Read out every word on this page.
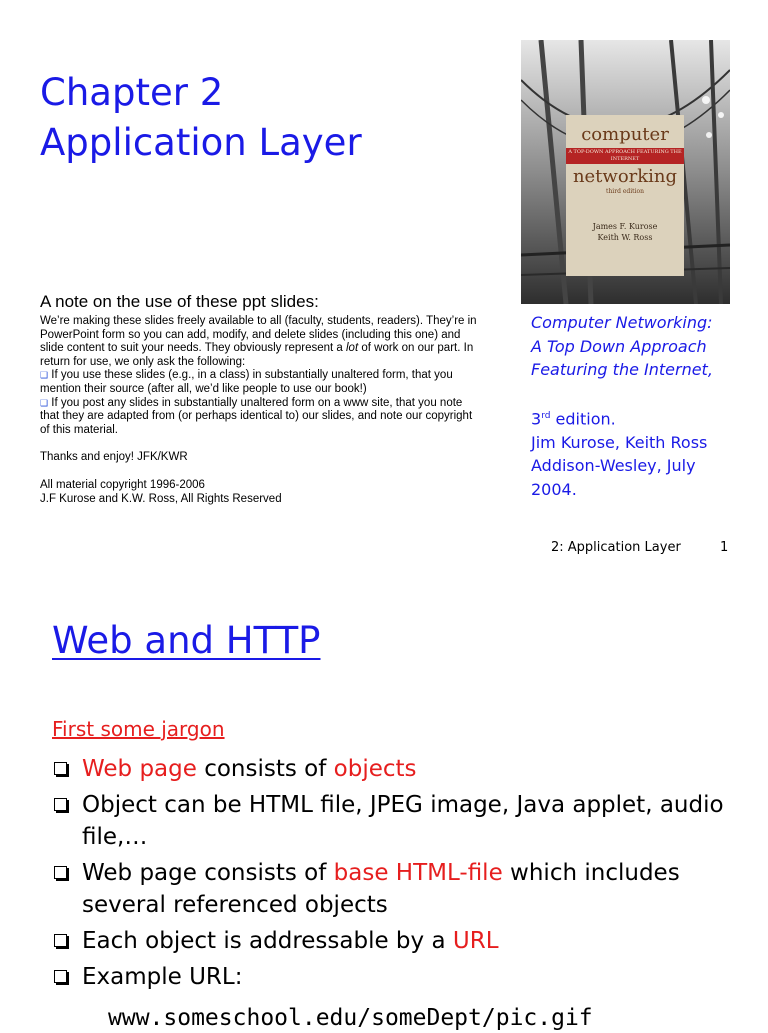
Chapter 2
Application Layer	computer
A TOP-DOWN APPROACH FEATURING THE INTERNET
networking
third edition
James F. Kurose
Keith W. Ross
A note on the use of these ppt slides:

We’re making these slides freely available to all (faculty, students, readers). They’re in PowerPoint form so you can add, modify, and delete slides (including this one) and slide content to suit your needs. They obviously represent a lot of work on our part. In return for use, we only ask the following:

❑ If you use these slides (e.g., in a class) in substantially unaltered form, that you mention their source (after all, we’d like people to use our book!)

❑ If you post any slides in substantially unaltered form on a www site, that you note that they are adapted from (or perhaps identical to) our slides, and note our copyright of this material.

Thanks and enjoy! JFK/KWR

All material copyright 1996-2006

J.F Kurose and K.W. Ross, All Rights Reserved

Computer Networking:
A Top Down Approach
Featuring the Internet,
3rd edition.
Jim Kurose, Keith Ross
Addison-Wesley, July
2004.
2: Application Layer	1
Web and HTTP
First some jargon
Web page consists of objects
Object can be HTML file, JPEG image, Java applet, audio file,…
Web page consists of base HTML-file which includes several referenced objects
Each object is addressable by a URL
Example URL:
www.someschool.edu/someDept/pic.gif
